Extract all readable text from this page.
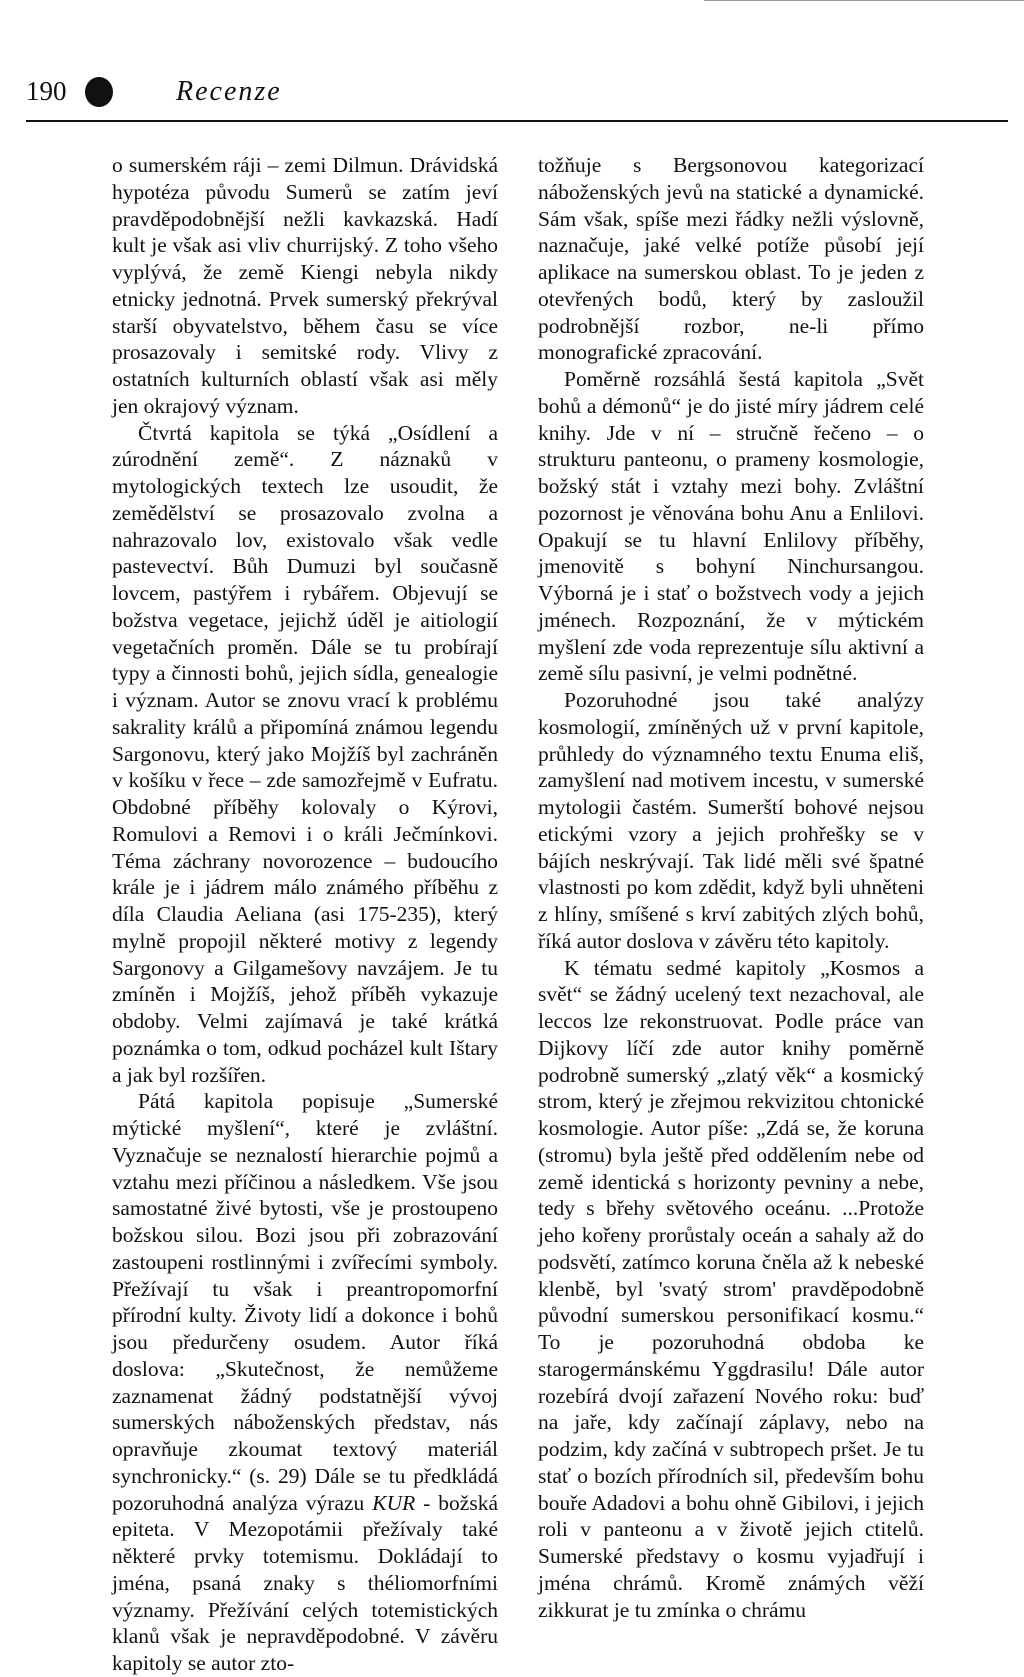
190	Recenze

o sumerském ráji – zemi Dilmun. Drávidská hypotéza původu Sumerů se zatím jeví pravděpodobnější nežli kavkazská. Hadí kult je však asi vliv churrijský. Z toho všeho vyplývá, že země Kiengi nebyla nikdy etnicky jednotná. Prvek sumerský překrýval starší obyvatelstvo, během času se více prosazovaly i semitské rody. Vlivy z ostatních kulturních oblastí však asi měly jen okrajový význam.

Čtvrtá kapitola se týká „Osídlení a zúrodnění země“. Z náznaků v mytologických textech lze usoudit, že zemědělství se prosazovalo zvolna a nahrazovalo lov, existovalo však vedle pastevectví. Bůh Dumuzi byl současně lovcem, pastýřem i rybářem. Objevují se božstva vegetace, jejichž úděl je aitiologií vegetačních proměn. Dále se tu probírají typy a činnosti bohů, jejich sídla, genealogie i význam. Autor se znovu vrací k problému sakrality králů a připomíná známou legendu Sargonovu, který jako Mojžíš byl zachráněn v košíku v řece – zde samozřejmě v Eufratu. Obdobné příběhy kolovaly o Kýrovi, Romulovi a Removi i o králi Ječmínkovi. Téma záchrany novorozence – budoucího krále je i jádrem málo známého příběhu z díla Claudia Aeliana (asi 175-235), který mylně propojil některé motivy z legendy Sargonovy a Gilgamešovy navzájem. Je tu zmíněn i Mojžíš, jehož příběh vykazuje obdoby. Velmi zajímavá je také krátká poznámka o tom, odkud pocházel kult Ištary a jak byl rozšířen.

Pátá kapitola popisuje „Sumerské mýtické myšlení“, které je zvláštní. Vyznačuje se neznalostí hierarchie pojmů a vztahu mezi příčinou a následkem. Vše jsou samostatné živé bytosti, vše je prostoupeno božskou silou. Bozi jsou při zobrazování zastoupeni rostlinnými i zvířecími symboly. Přežívají tu však i preantropomorfní přírodní kulty. Životy lidí a dokonce i bohů jsou předurčeny osudem. Autor říká doslova: „Skutečnost, že nemůžeme zaznamenat žádný podstatnější vývoj sumerských náboženských představ, nás opravňuje zkoumat textový materiál synchronicky.“ (s. 29) Dále se tu předkládá pozoruhodná analýza výrazu KUR - božská epiteta. V Mezopotámii přežívaly také některé prvky totemismu. Dokládají to jména, psaná znaky s théliomorfními významy. Přežívání celých totemistických klanů však je nepravděpodobné. V závěru kapitoly se autor zto-

tožňuje s Bergsonovou kategorizací náboženských jevů na statické a dynamické. Sám však, spíše mezi řádky nežli výslovně, naznačuje, jaké velké potíže působí její aplikace na sumerskou oblast. To je jeden z otevřených bodů, který by zasloužil podrobnější rozbor, ne-li přímo monografické zpracování.

Poměrně rozsáhlá šestá kapitola „Svět bohů a démonů“ je do jisté míry jádrem celé knihy. Jde v ní – stručně řečeno – o strukturu panteonu, o prameny kosmologie, božský stát i vztahy mezi bohy. Zvláštní pozornost je věnována bohu Anu a Enlilovi. Opakují se tu hlavní Enlilovy příběhy, jmenovitě s bohyní Ninchursangou. Výborná je i stať o božstvech vody a jejich jménech. Rozpoznání, že v mýtickém myšlení zde voda reprezentuje sílu aktivní a země sílu pasivní, je velmi podnětné.

Pozoruhodné jsou také analýzy kosmologií, zmíněných už v první kapitole, průhledy do významného textu Enuma eliš, zamyšlení nad motivem incestu, v sumerské mytologii častém. Sumerští bohové nejsou etickými vzory a jejich prohřešky se v bájích neskrývají. Tak lidé měli své špatné vlastnosti po kom zdědit, když byli uhněteni z hlíny, smíšené s krví zabitých zlých bohů, říká autor doslova v závěru této kapitoly.

K tématu sedmé kapitoly „Kosmos a svět“ se žádný ucelený text nezachoval, ale leccos lze rekonstruovat. Podle práce van Dijkovy líčí zde autor knihy poměrně podrobně sumerský „zlatý věk“ a kosmický strom, který je zřejmou rekvizitou chtonické kosmologie. Autor píše: „Zdá se, že koruna (stromu) byla ještě před oddělením nebe od země identická s horizonty pevniny a nebe, tedy s břehy světového oceánu. ...Protože jeho kořeny prorůstaly oceán a sahaly až do podsvětí, zatímco koruna čněla až k nebeské klenbě, byl 'svatý strom' pravděpodobně původní sumerskou personifikací kosmu.“ To je pozoruhodná obdoba ke starogermánskému Yggdrasilu! Dále autor rozebírá dvojí zařazení Nového roku: buď na jaře, kdy začínají záplavy, nebo na podzim, kdy začíná v subtropech pršet. Je tu stať o bozích přírodních sil, především bohu bouře Adadovi a bohu ohně Gibilovi, i jejich roli v panteonu a v životě jejich ctitelů. Sumerské představy o kosmu vyjadřují i jména chrámů. Kromě známých věží zikkurat je tu zmínka o chrámu
